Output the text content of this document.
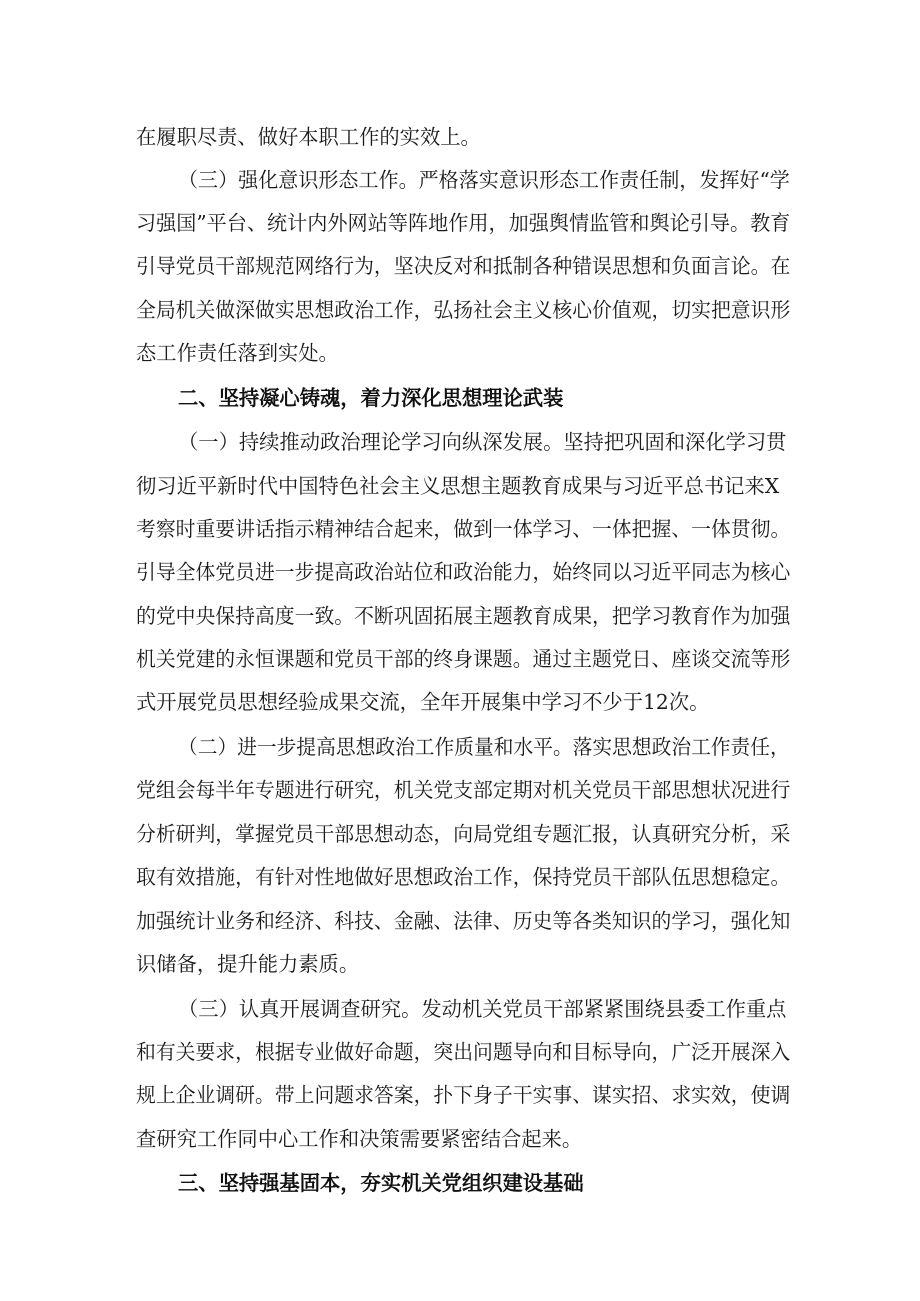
在履职尽责、做好本职工作的实效上。
（三）强化意识形态工作。严格落实意识形态工作责任制，发挥好“学
习强国”平台、统计内外网站等阵地作用，加强舆情监管和舆论引导。教育
引导党员干部规范网络行为，坚决反对和抵制各种错误思想和负面言论。在
全局机关做深做实思想政治工作，弘扬社会主义核心价值观，切实把意识形
态工作责任落到实处。
二、坚持凝心铸魂，着力深化思想理论武装
（一）持续推动政治理论学习向纵深发展。坚持把巩固和深化学习贯
彻习近平新时代中国特色社会主义思想主题教育成果与习近平总书记来X
考察时重要讲话指示精神结合起来，做到一体学习、一体把握、一体贯彻。
引导全体党员进一步提高政治站位和政治能力，始终同以习近平同志为核心
的党中央保持高度一致。不断巩固拓展主题教育成果，把学习教育作为加强
机关党建的永恒课题和党员干部的终身课题。通过主题党日、座谈交流等形
式开展党员思想经验成果交流，全年开展集中学习不少于12次。
（二）进一步提高思想政治工作质量和水平。落实思想政治工作责任，
党组会每半年专题进行研究，机关党支部定期对机关党员干部思想状况进行
分析研判，掌握党员干部思想动态，向局党组专题汇报，认真研究分析，采
取有效措施，有针对性地做好思想政治工作，保持党员干部队伍思想稳定。
加强统计业务和经济、科技、金融、法律、历史等各类知识的学习，强化知
识储备，提升能力素质。
（三）认真开展调查研究。发动机关党员干部紧紧围绕县委工作重点
和有关要求，根据专业做好命题，突出问题导向和目标导向，广泛开展深入
规上企业调研。带上问题求答案，扑下身子干实事、谋实招、求实效，使调
查研究工作同中心工作和决策需要紧密结合起来。
三、坚持强基固本，夯实机关党组织建设基础
